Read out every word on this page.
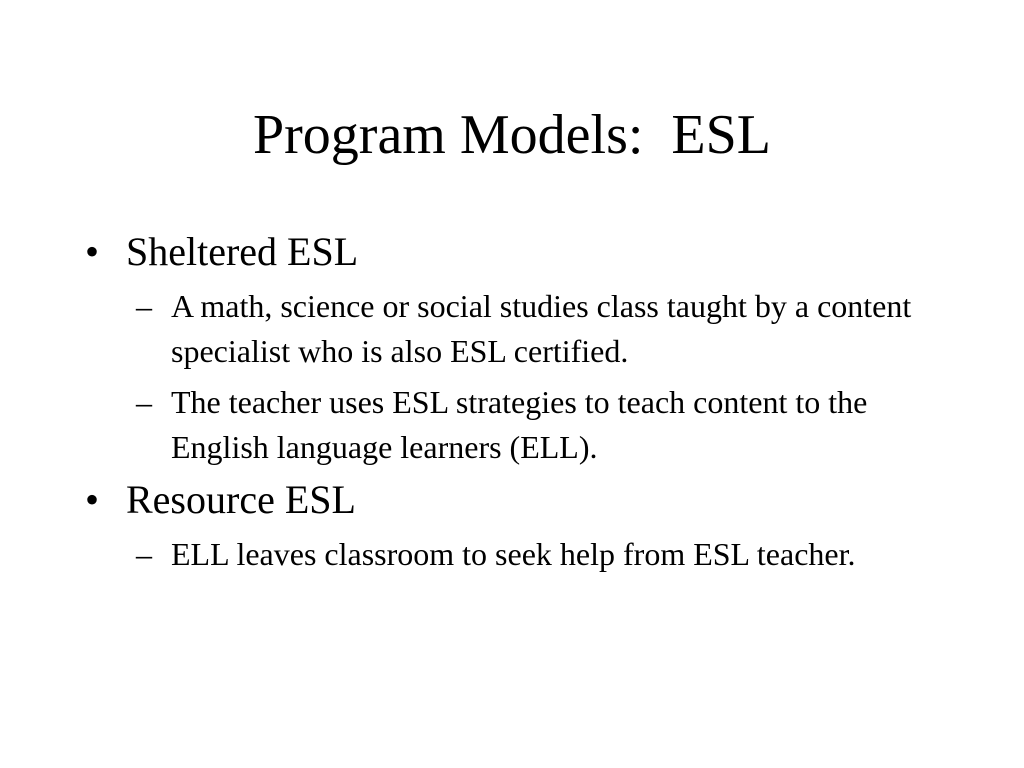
Program Models:  ESL
• Sheltered ESL
– A math, science or social studies class taught by a content specialist who is also ESL certified.
– The teacher uses ESL strategies to teach content to the English language learners (ELL).
• Resource ESL
– ELL leaves classroom to seek help from ESL teacher.
